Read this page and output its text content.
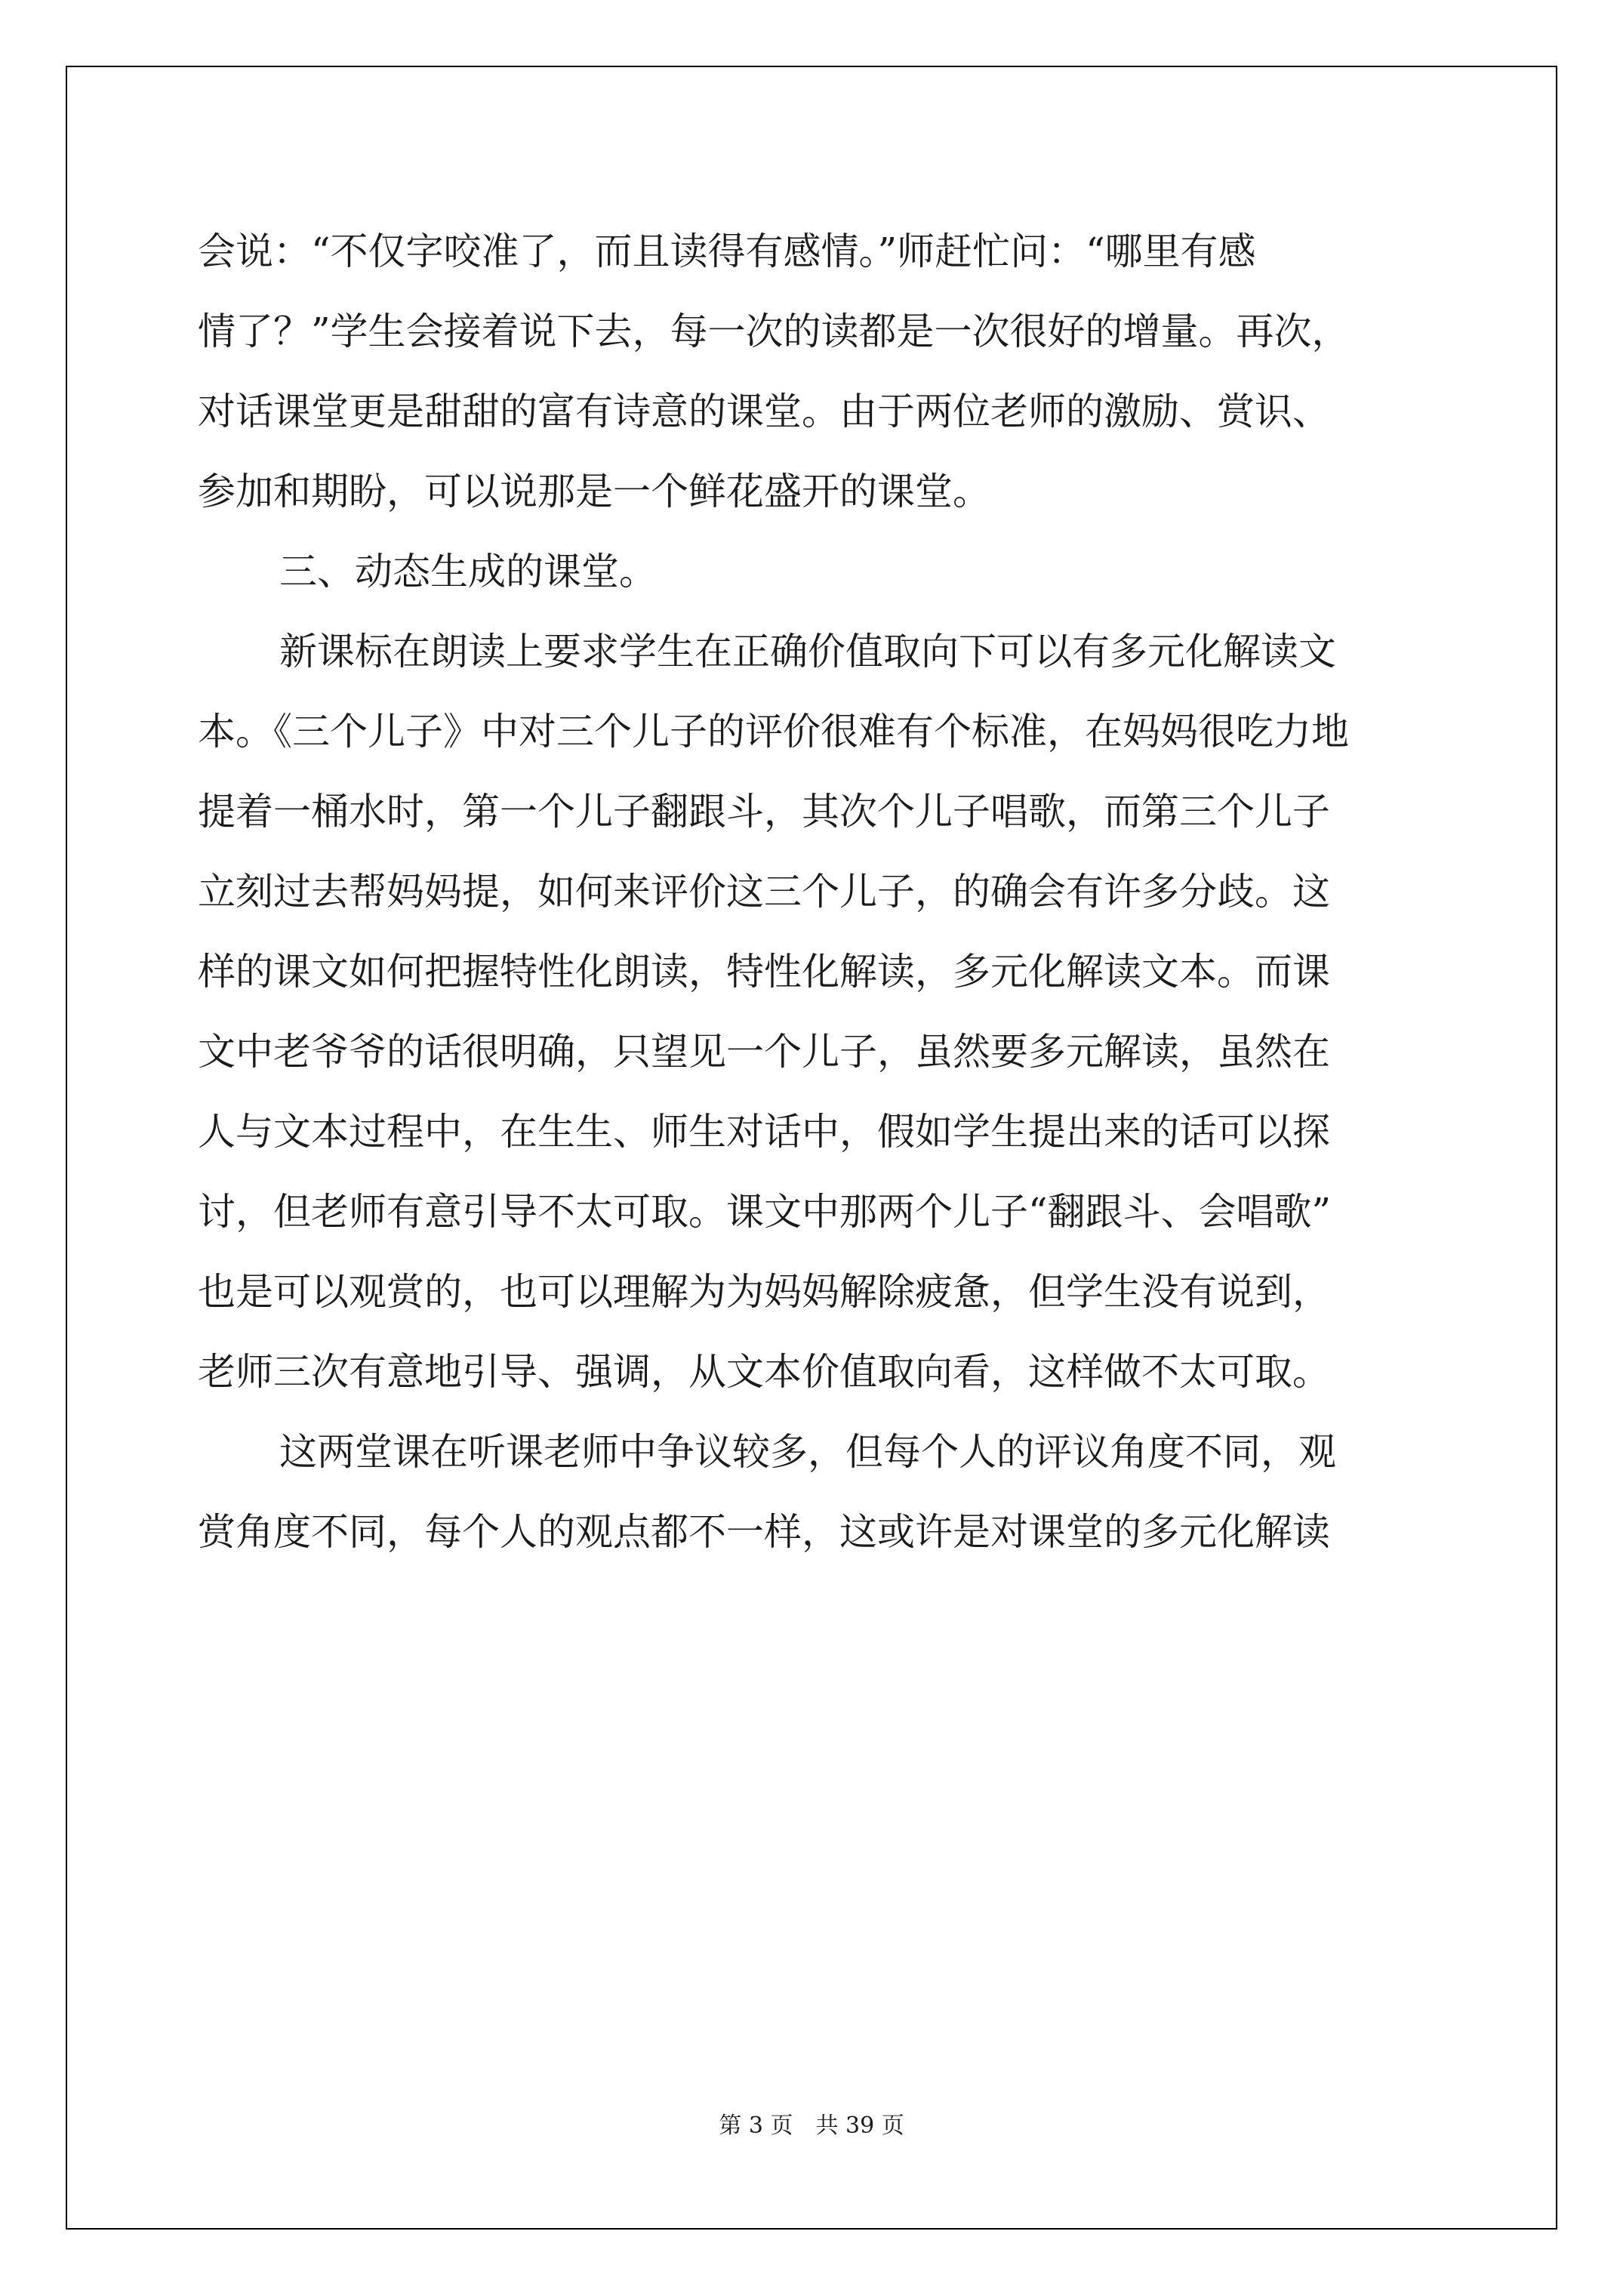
会说：“不仅字咬准了，而且读得有感情。”师赶忙问：“哪里有感
情了？”学生会接着说下去，每一次的读都是一次很好的增量。再次，
对话课堂更是甜甜的富有诗意的课堂。由于两位老师的激励、赏识、
参加和期盼，可以说那是一个鲜花盛开的课堂。
三、动态生成的课堂。
新课标在朗读上要求学生在正确价值取向下可以有多元化解读文
本。《三个儿子》中对三个儿子的评价很难有个标准，在妈妈很吃力地
提着一桶水时，第一个儿子翻跟斗，其次个儿子唱歌，而第三个儿子
立刻过去帮妈妈提，如何来评价这三个儿子，的确会有许多分歧。这
样的课文如何把握特性化朗读，特性化解读，多元化解读文本。而课
文中老爷爷的话很明确，只望见一个儿子，虽然要多元解读，虽然在
人与文本过程中，在生生、师生对话中，假如学生提出来的话可以探
讨，但老师有意引导不太可取。课文中那两个儿子“翻跟斗、会唱歌”
也是可以观赏的，也可以理解为为妈妈解除疲惫，但学生没有说到，
老师三次有意地引导、强调，从文本价值取向看，这样做不太可取。
这两堂课在听课老师中争议较多，但每个人的评议角度不同，观
赏角度不同，每个人的观点都不一样，这或许是对课堂的多元化解读
第 3 页　共 39 页
